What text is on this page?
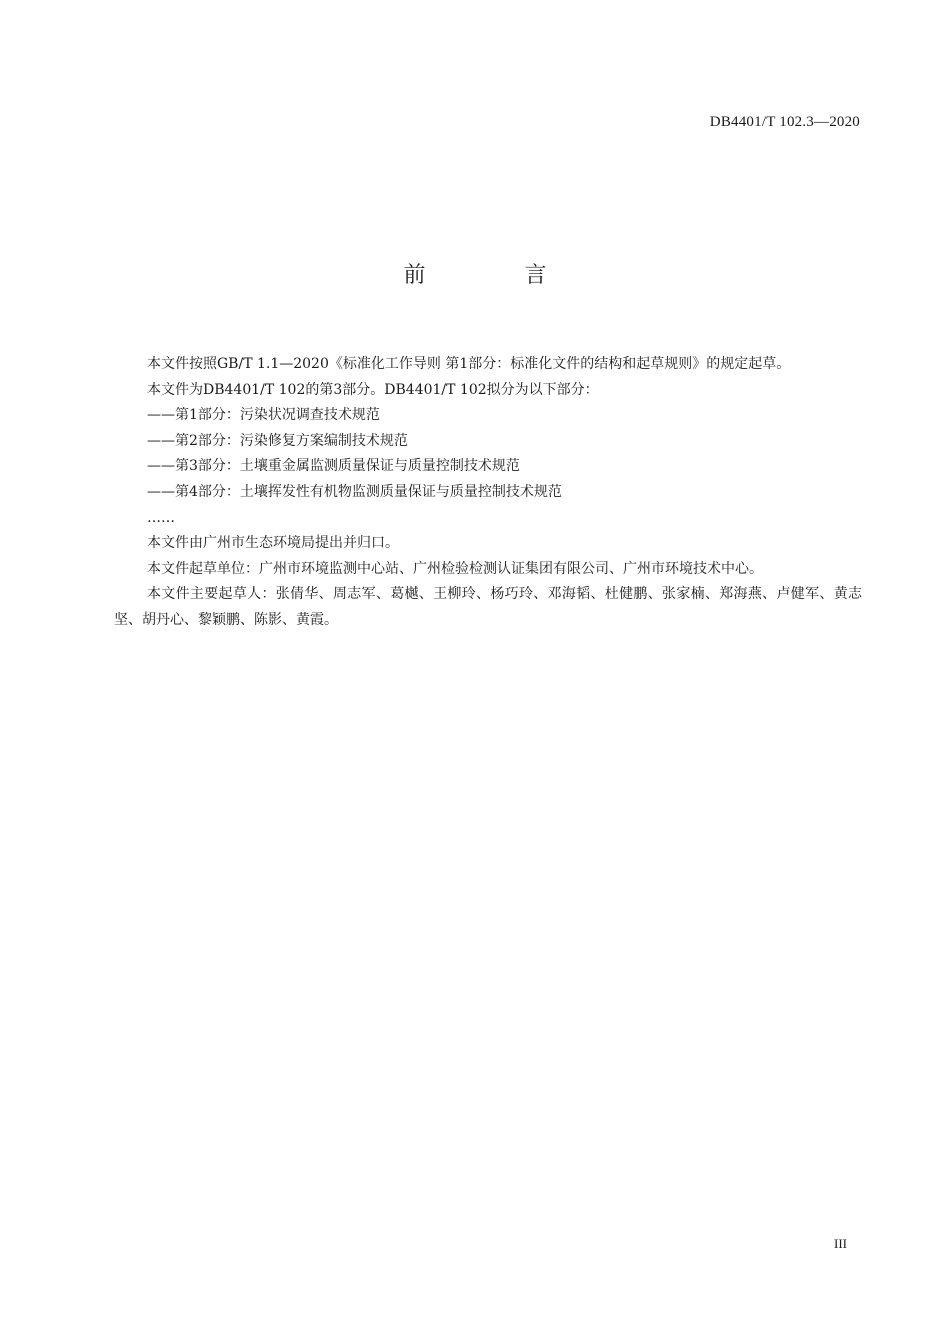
DB4401/T 102.3—2020
前 言

本文件按照GB/T 1.1—2020《标准化工作导则 第1部分：标准化文件的结构和起草规则》的规定起草。

本文件为DB4401/T 102的第3部分。DB4401/T 102拟分为以下部分：

——第1部分：污染状况调查技术规范

——第2部分：污染修复方案编制技术规范

——第3部分：土壤重金属监测质量保证与质量控制技术规范

——第4部分：土壤挥发性有机物监测质量保证与质量控制技术规范

……

本文件由广州市生态环境局提出并归口。

本文件起草单位：广州市环境监测中心站、广州检验检测认证集团有限公司、广州市环境技术中心。

本文件主要起草人：张倩华、周志军、葛樾、王柳玲、杨巧玲、邓海韬、杜健鹏、张家楠、郑海燕、卢健军、黄志坚、胡丹心、黎颖鹏、陈影、黄霞。

III
